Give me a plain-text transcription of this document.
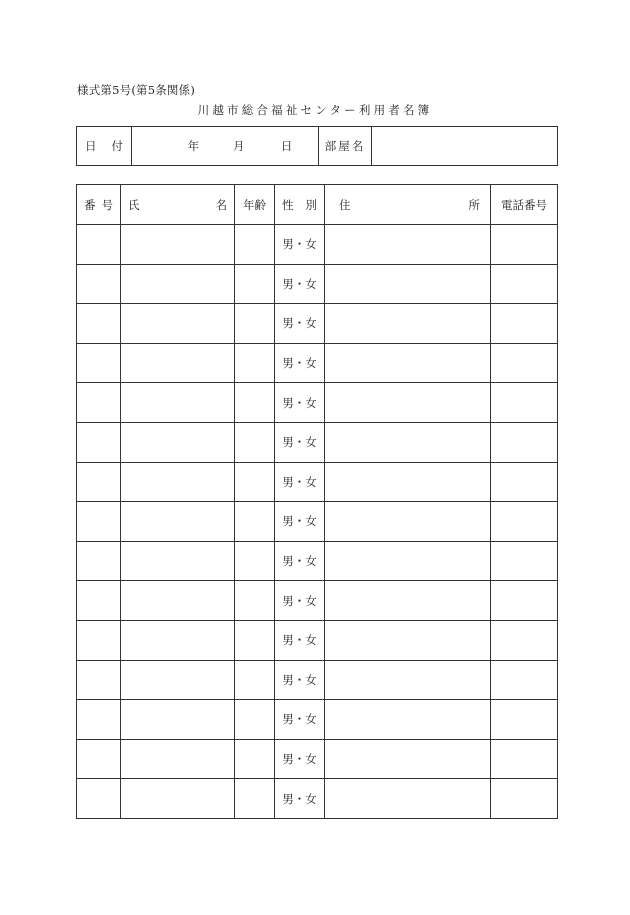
様式第5号(第5条関係)
川越市総合福祉センター利用者名簿
日 付	年	月	日	部屋名

番 号	氏 名	年齢	性 別	住 所	電話番号

			男・女		
			男・女		
			男・女		
			男・女		
			男・女		
			男・女		
			男・女		
			男・女		
			男・女		
			男・女		
			男・女		
			男・女		
			男・女		
			男・女		
			男・女		
